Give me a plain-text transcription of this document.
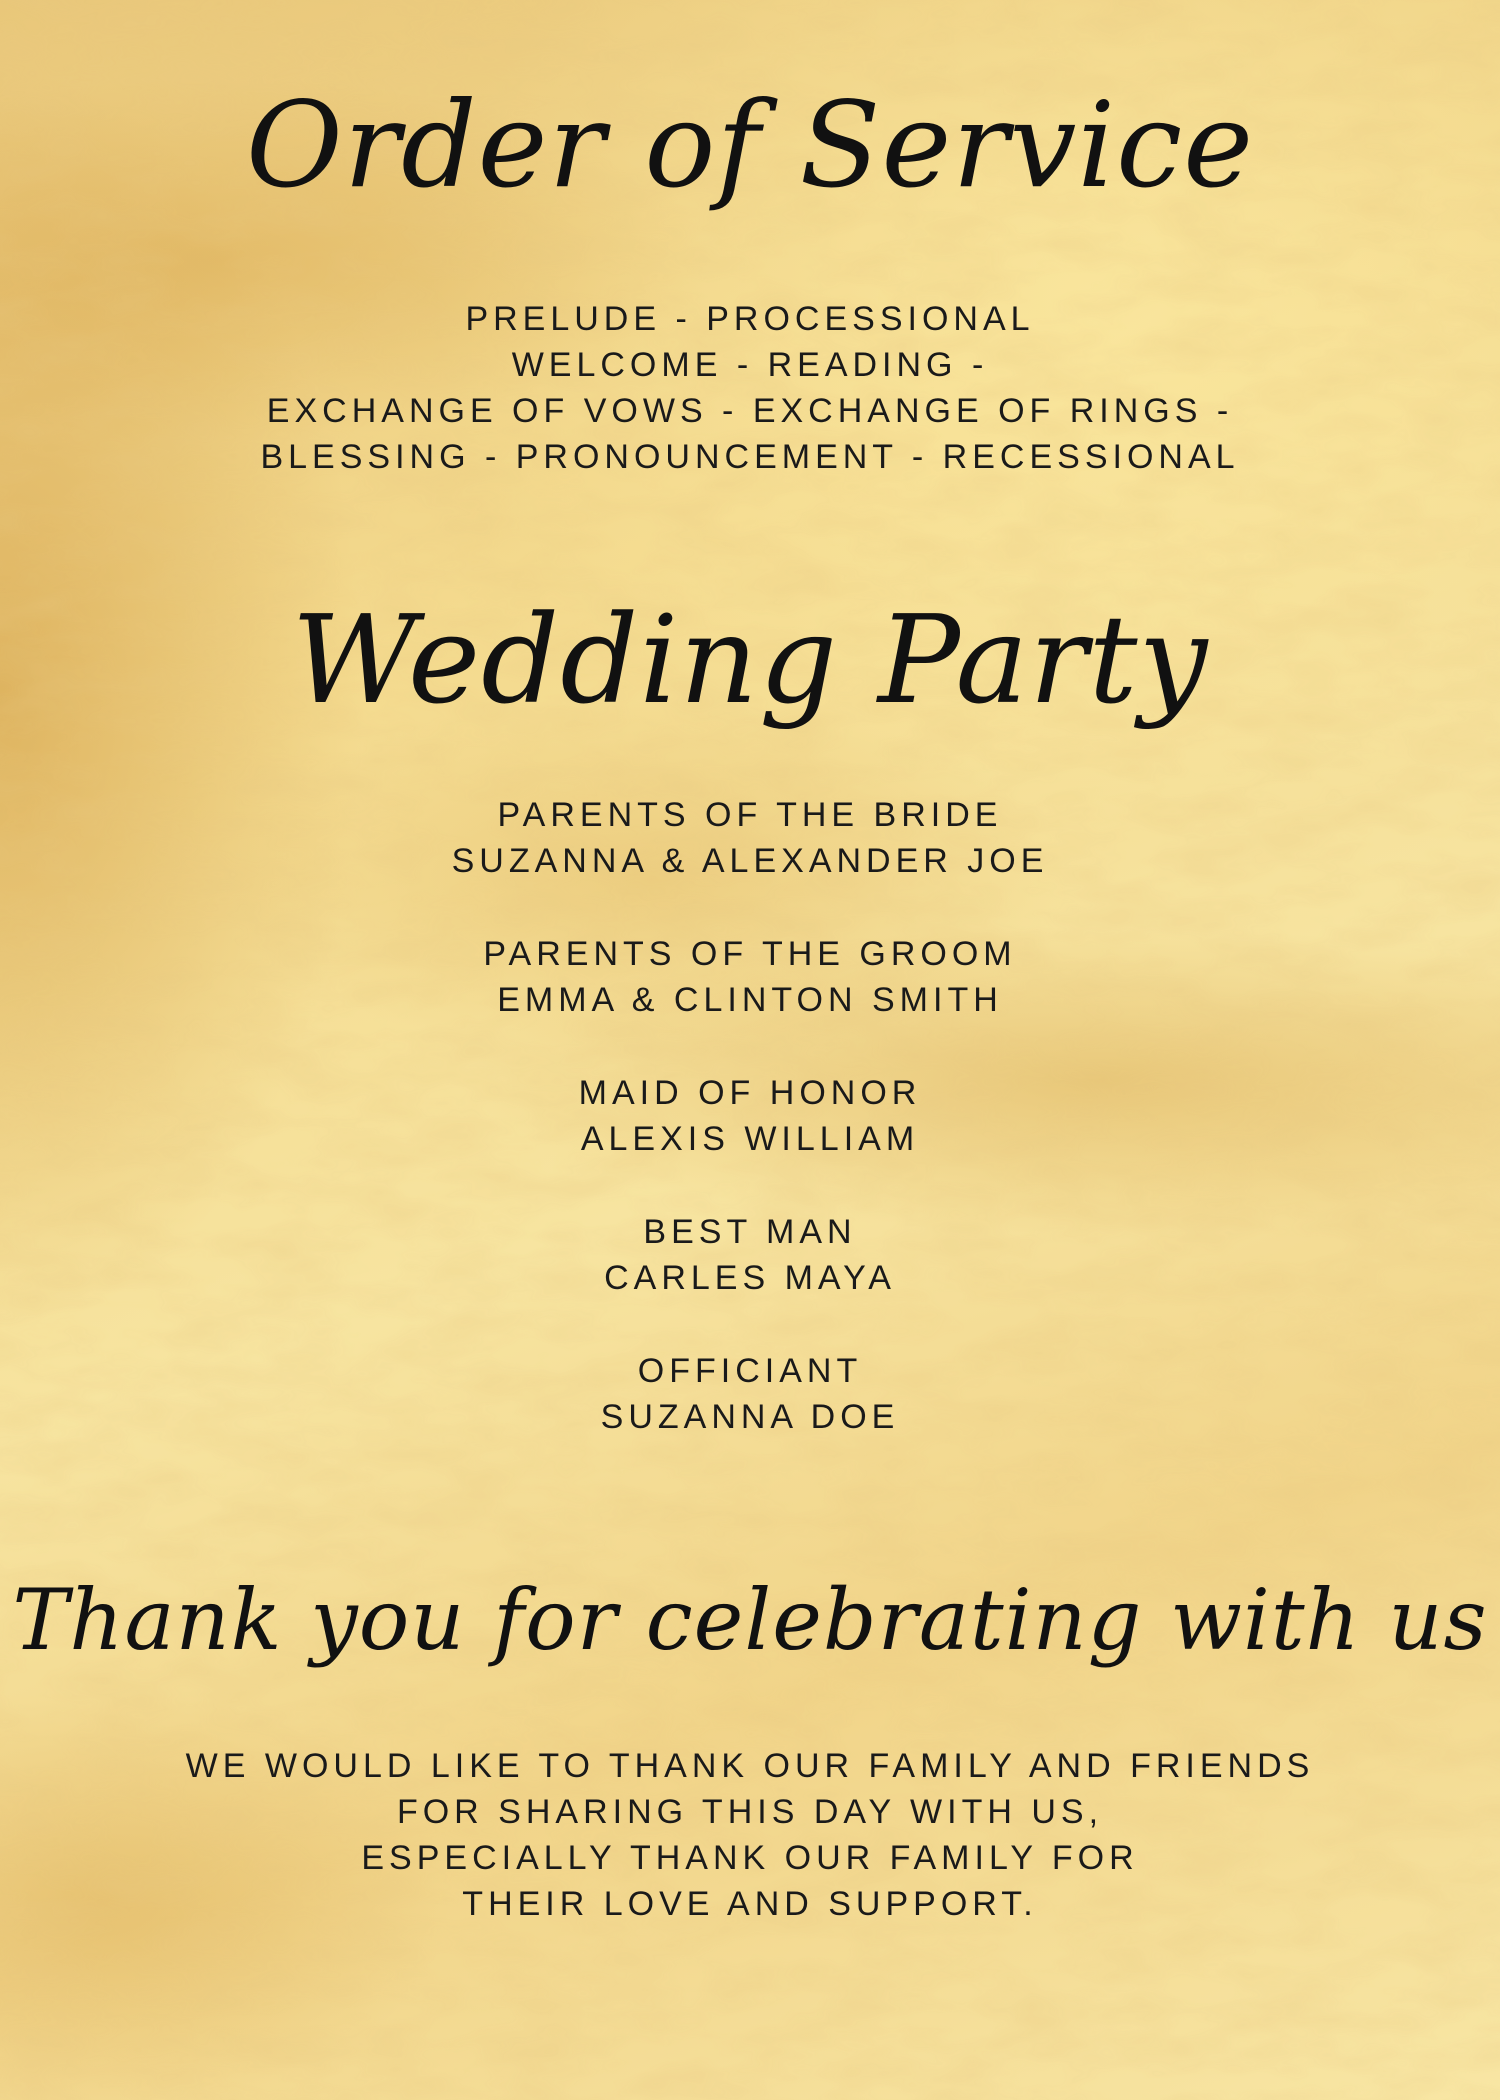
Order of Service
PRELUDE - PROCESSIONAL
WELCOME - READING -
EXCHANGE OF VOWS - EXCHANGE OF RINGS -
BLESSING - PRONOUNCEMENT - RECESSIONAL
Wedding Party
PARENTS OF THE BRIDE
SUZANNA & ALEXANDER JOE
PARENTS OF THE GROOM
EMMA & CLINTON SMITH
MAID OF HONOR
ALEXIS WILLIAM
BEST MAN
CARLES MAYA
OFFICIANT
SUZANNA DOE
Thank you for celebrating with us
WE WOULD LIKE TO THANK OUR FAMILY AND FRIENDS
FOR SHARING THIS DAY WITH US,
ESPECIALLY THANK OUR FAMILY FOR
THEIR LOVE AND SUPPORT.
